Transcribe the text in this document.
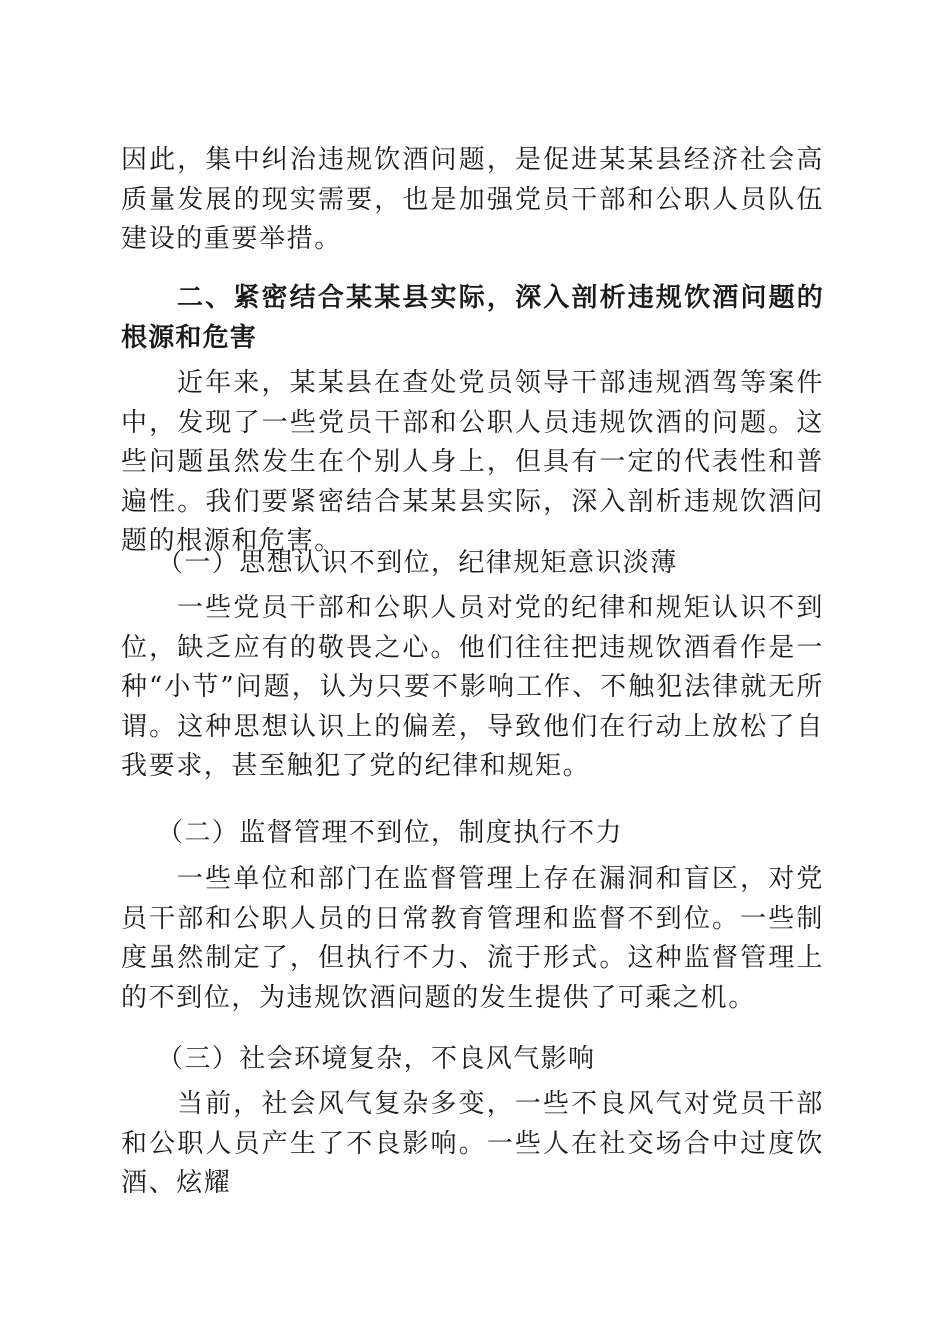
因此，集中纠治违规饮酒问题，是促进某某县经济社会高质量发展的现实需要，也是加强党员干部和公职人员队伍建设的重要举措。

二、紧密结合某某县实际，深入剖析违规饮酒问题的根源和危害

近年来，某某县在查处党员领导干部违规酒驾等案件中，发现了一些党员干部和公职人员违规饮酒的问题。这些问题虽然发生在个别人身上，但具有一定的代表性和普遍性。我们要紧密结合某某县实际，深入剖析违规饮酒问题的根源和危害。

（一）思想认识不到位，纪律规矩意识淡薄

一些党员干部和公职人员对党的纪律和规矩认识不到位，缺乏应有的敬畏之心。他们往往把违规饮酒看作是一种“小节”问题，认为只要不影响工作、不触犯法律就无所谓。这种思想认识上的偏差，导致他们在行动上放松了自我要求，甚至触犯了党的纪律和规矩。

（二）监督管理不到位，制度执行不力

一些单位和部门在监督管理上存在漏洞和盲区，对党员干部和公职人员的日常教育管理和监督不到位。一些制度虽然制定了，但执行不力、流于形式。这种监督管理上的不到位，为违规饮酒问题的发生提供了可乘之机。

（三）社会环境复杂，不良风气影响

当前，社会风气复杂多变，一些不良风气对党员干部和公职人员产生了不良影响。一些人在社交场合中过度饮酒、炫耀
